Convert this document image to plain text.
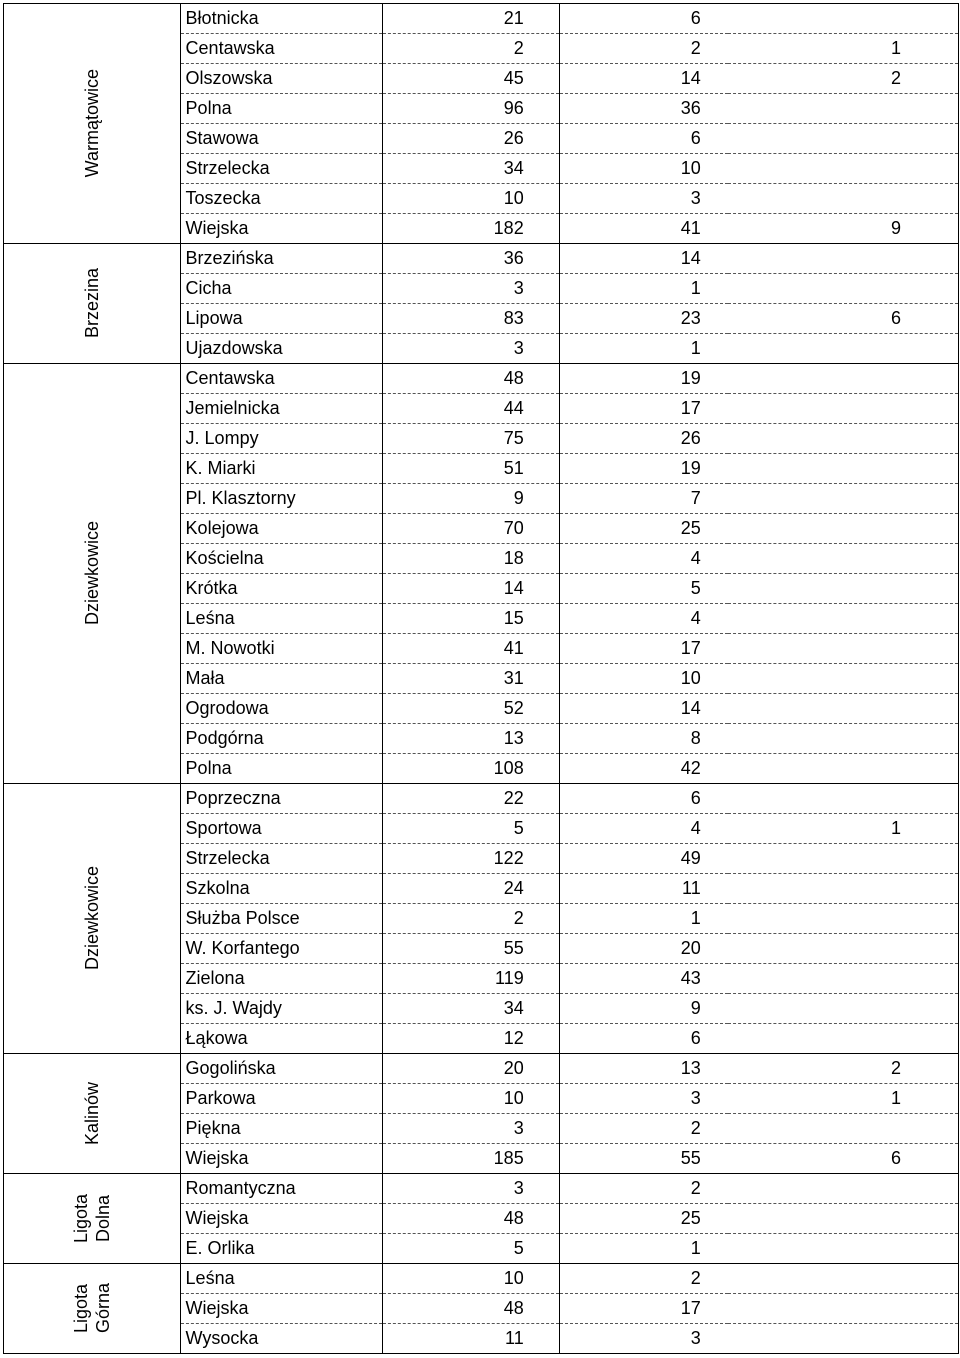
Warmątowice	Błotnicka	21	6	
	Centawska	2	2	1
	Olszowska	45	14	2
	Polna	96	36	
	Stawowa	26	6	
	Strzelecka	34	10	
	Toszecka	10	3	
	Wiejska	182	41	9

Brzezina	Brzezińska	36	14	
	Cicha	3	1	
	Lipowa	83	23	6
	Ujazdowska	3	1	

Dziewkowice	Centawska	48	19	
	Jemielnicka	44	17	
	J. Lompy	75	26	
	K. Miarki	51	19	
	Pl. Klasztorny	9	7	
	Kolejowa	70	25	
	Kościelna	18	4	
	Krótka	14	5	
	Leśna	15	4	
	M. Nowotki	41	17	
	Mała	31	10	
	Ogrodowa	52	14	
	Podgórna	13	8	
	Polna	108	42	

Dziewkowice	Poprzeczna	22	6	
	Sportowa	5	4	1
	Strzelecka	122	49	
	Szkolna	24	11	
	Służba Polsce	2	1	
	W. Korfantego	55	20	
	Zielona	119	43	
	ks. J. Wajdy	34	9	
	Łąkowa	12	6	

Kalinów	Gogolińska	20	13	2
	Parkowa	10	3	1
	Piękna	3	2	
	Wiejska	185	55	6

Ligota
Dolna	Romantyczna	3	2	
	Wiejska	48	25	
	E. Orlika	5	1	

Ligota
Górna	Leśna	10	2	
	Wiejska	48	17	
	Wysocka	11	3	
